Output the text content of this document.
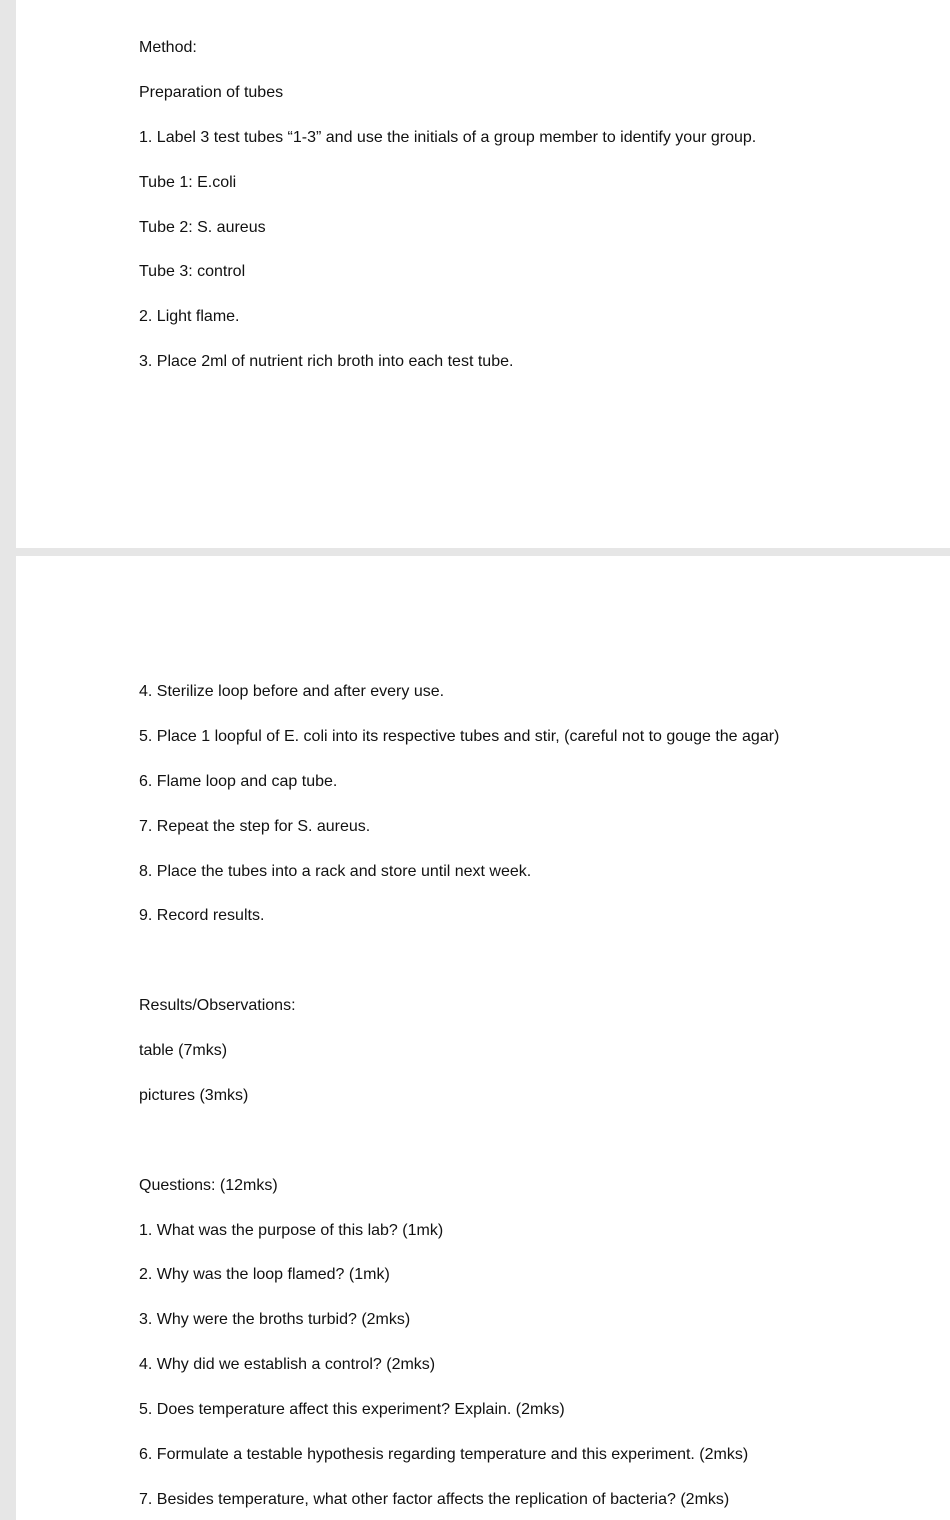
Method:

Preparation of tubes

1. Label 3 test tubes “1-3” and use the initials of a group member to identify your group.

Tube 1: E.coli

Tube 2: S. aureus

Tube 3: control

2. Light flame.

3. Place 2ml of nutrient rich broth into each test tube.

4. Sterilize loop before and after every use.

5. Place 1 loopful of E. coli into its respective tubes and stir, (careful not to gouge the agar)

6. Flame loop and cap tube.

7. Repeat the step for S. aureus.

8. Place the tubes into a rack and store until next week.

9. Record results.

Results/Observations:

table (7mks)

pictures (3mks)

Questions: (12mks)

1. What was the purpose of this lab? (1mk)

2. Why was the loop flamed? (1mk)

3. Why were the broths turbid? (2mks)

4. Why did we establish a control? (2mks)

5. Does temperature affect this experiment? Explain. (2mks)

6. Formulate a testable hypothesis regarding temperature and this experiment. (2mks)

7. Besides temperature, what other factor affects the replication of bacteria? (2mks)
